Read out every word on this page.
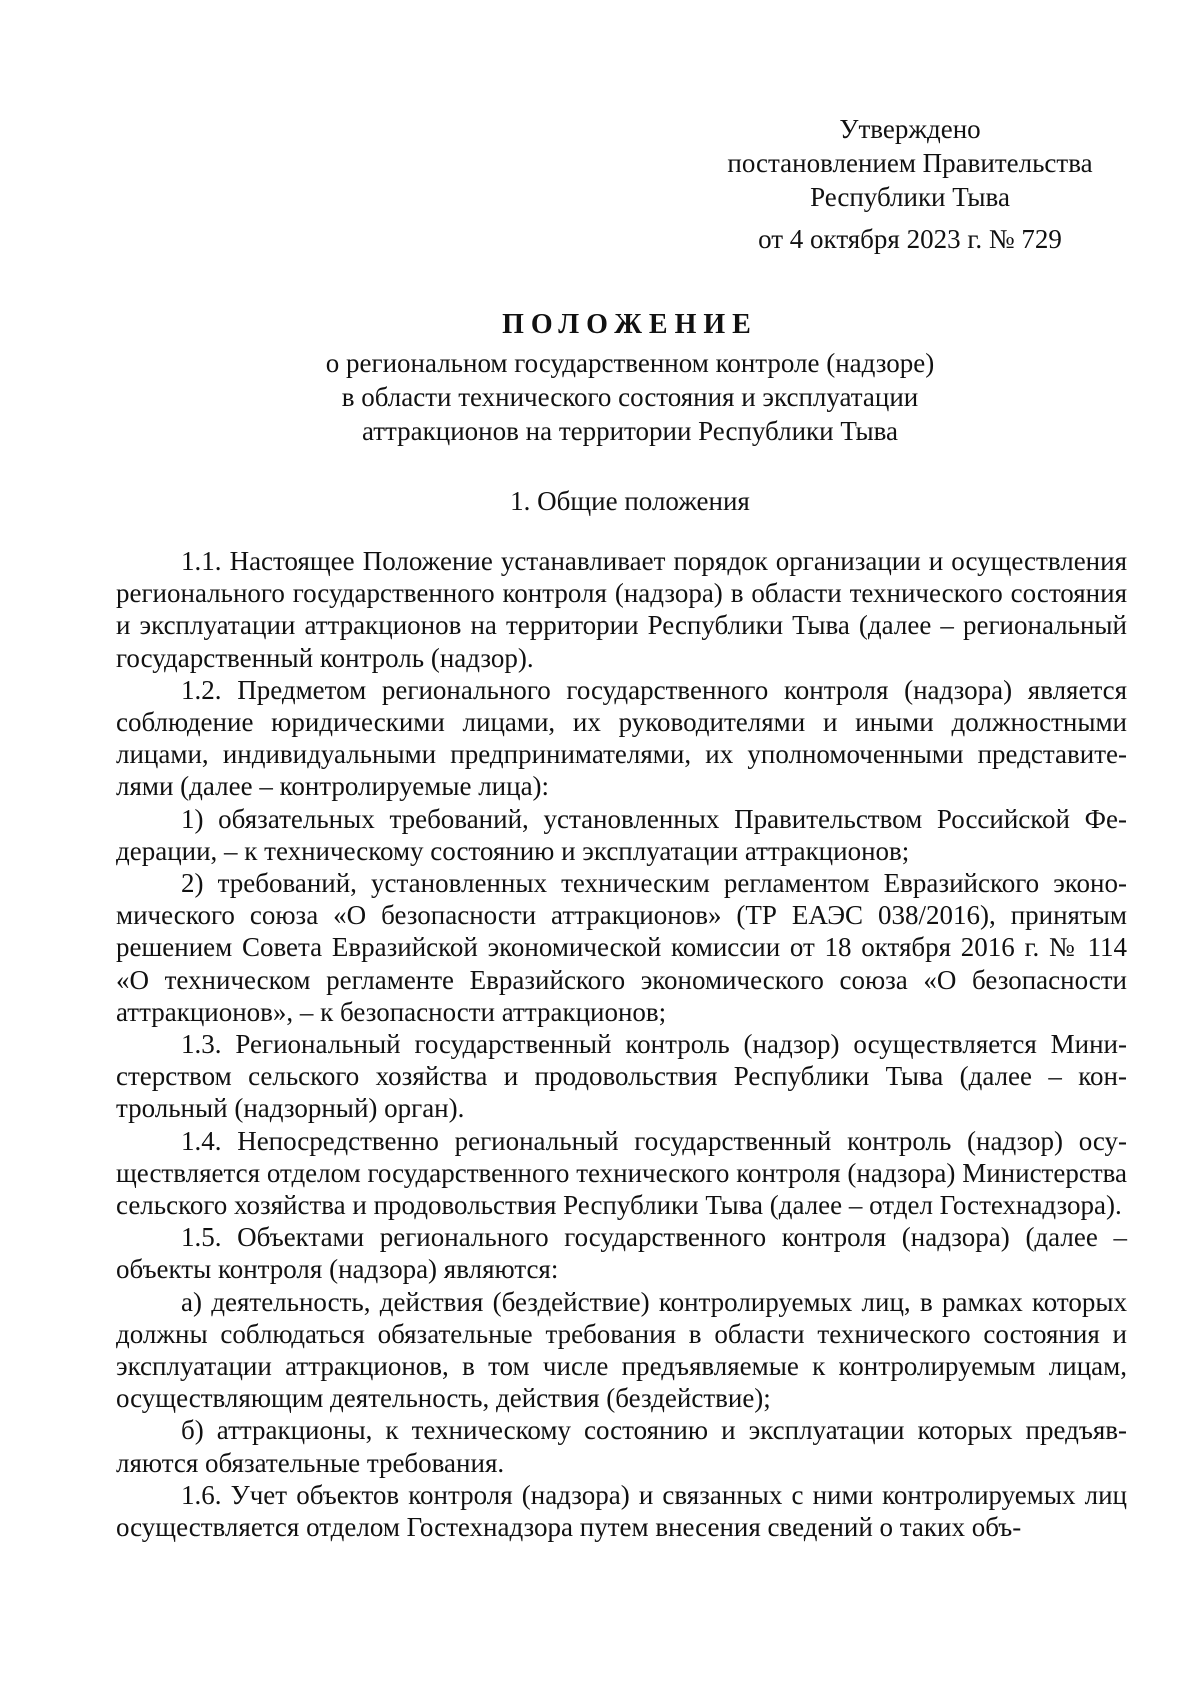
Утверждено
постановлением Правительства
Республики Тыва
от 4 октября 2023 г. № 729
ПОЛОЖЕНИЕ
о региональном государственном контроле (надзоре)
в области технического состояния и эксплуатации
аттракционов на территории Республики Тыва
1. Общие положения

1.1. Настоящее Положение устанавливает порядок организации и осуществления регионального государственного контроля (надзора) в области технического состояния и эксплуатации аттракционов на территории Республики Тыва (далее – региональный государственный контроль (надзор).

1.2. Предметом регионального государственного контроля (надзора) является соблюдение юридическими лицами, их руководителями и иными должностными лицами, индивидуальными предпринимателями, их уполномоченными представителями (далее – контролируемые лица):

1) обязательных требований, установленных Правительством Российской Федерации, – к техническому состоянию и эксплуатации аттракционов;

2) требований, установленных техническим регламентом Евразийского экономического союза «О безопасности аттракционов» (ТР ЕАЭС 038/2016), принятым решением Совета Евразийской экономической комиссии от 18 октября 2016 г. № 114 «О техническом регламенте Евразийского экономического союза «О безопасности аттракционов», – к безопасности аттракционов;

1.3. Региональный государственный контроль (надзор) осуществляется Министерством сельского хозяйства и продовольствия Республики Тыва (далее – контрольный (надзорный) орган).

1.4. Непосредственно региональный государственный контроль (надзор) осуществляется отделом государственного технического контроля (надзора) Министерства сельского хозяйства и продовольствия Республики Тыва (далее – отдел Гостехнадзора).

1.5. Объектами регионального государственного контроля (надзора) (далее – объекты контроля (надзора) являются:

а) деятельность, действия (бездействие) контролируемых лиц, в рамках которых должны соблюдаться обязательные требования в области технического состояния и эксплуатации аттракционов, в том числе предъявляемые к контролируемым лицам, осуществляющим деятельность, действия (бездействие);

б) аттракционы, к техническому состоянию и эксплуатации которых предъявляются обязательные требования.

1.6. Учет объектов контроля (надзора) и связанных с ними контролируемых лиц осуществляется отделом Гостехнадзора путем внесения сведений о таких объ-
